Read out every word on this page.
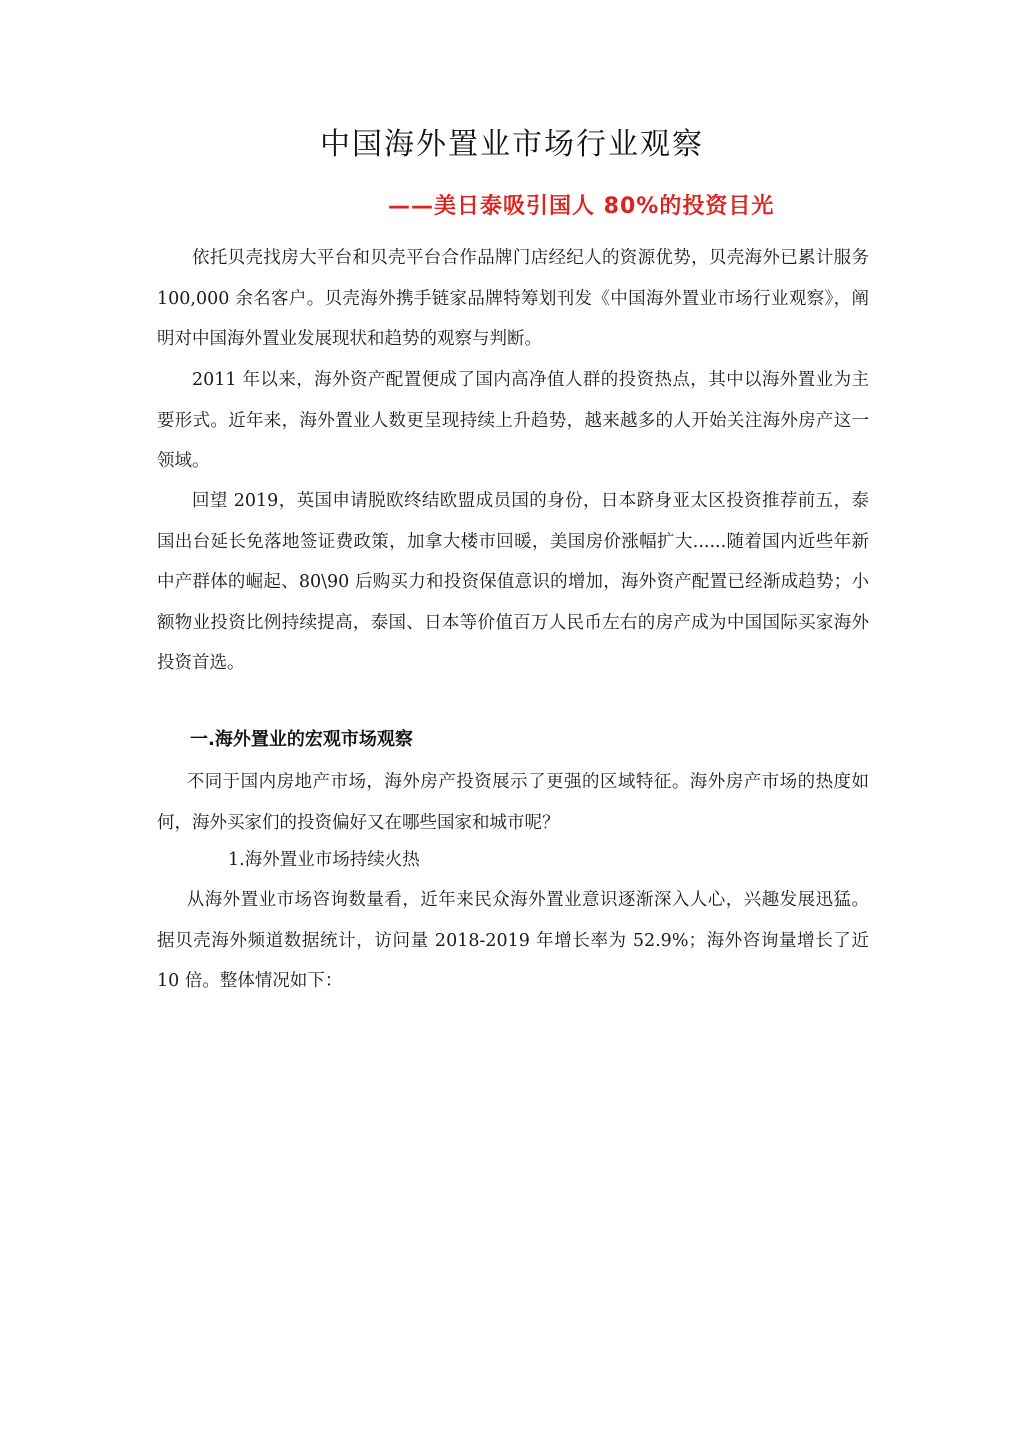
中国海外置业市场行业观察
——美日泰吸引国人 80%的投资目光

依托贝壳找房大平台和贝壳平台合作品牌门店经纪人的资源优势，贝壳海外已累计服务 100,000 余名客户。贝壳海外携手链家品牌特筹划刊发《中国海外置业市场行业观察》，阐明对中国海外置业发展现状和趋势的观察与判断。

2011 年以来，海外资产配置便成了国内高净值人群的投资热点，其中以海外置业为主要形式。近年来，海外置业人数更呈现持续上升趋势，越来越多的人开始关注海外房产这一领域。

回望 2019，英国申请脱欧终结欧盟成员国的身份，日本跻身亚太区投资推荐前五，泰国出台延长免落地签证费政策，加拿大楼市回暖，美国房价涨幅扩大......随着国内近些年新中产群体的崛起、80\90 后购买力和投资保值意识的增加，海外资产配置已经渐成趋势；小额物业投资比例持续提高，泰国、日本等价值百万人民币左右的房产成为中国国际买家海外投资首选。

一.海外置业的宏观市场观察

不同于国内房地产市场，海外房产投资展示了更强的区域特征。海外房产市场的热度如何，海外买家们的投资偏好又在哪些国家和城市呢？

1.海外置业市场持续火热

从海外置业市场咨询数量看，近年来民众海外置业意识逐渐深入人心，兴趣发展迅猛。据贝壳海外频道数据统计，访问量 2018-2019 年增长率为 52.9%；海外咨询量增长了近 10 倍。整体情况如下：
